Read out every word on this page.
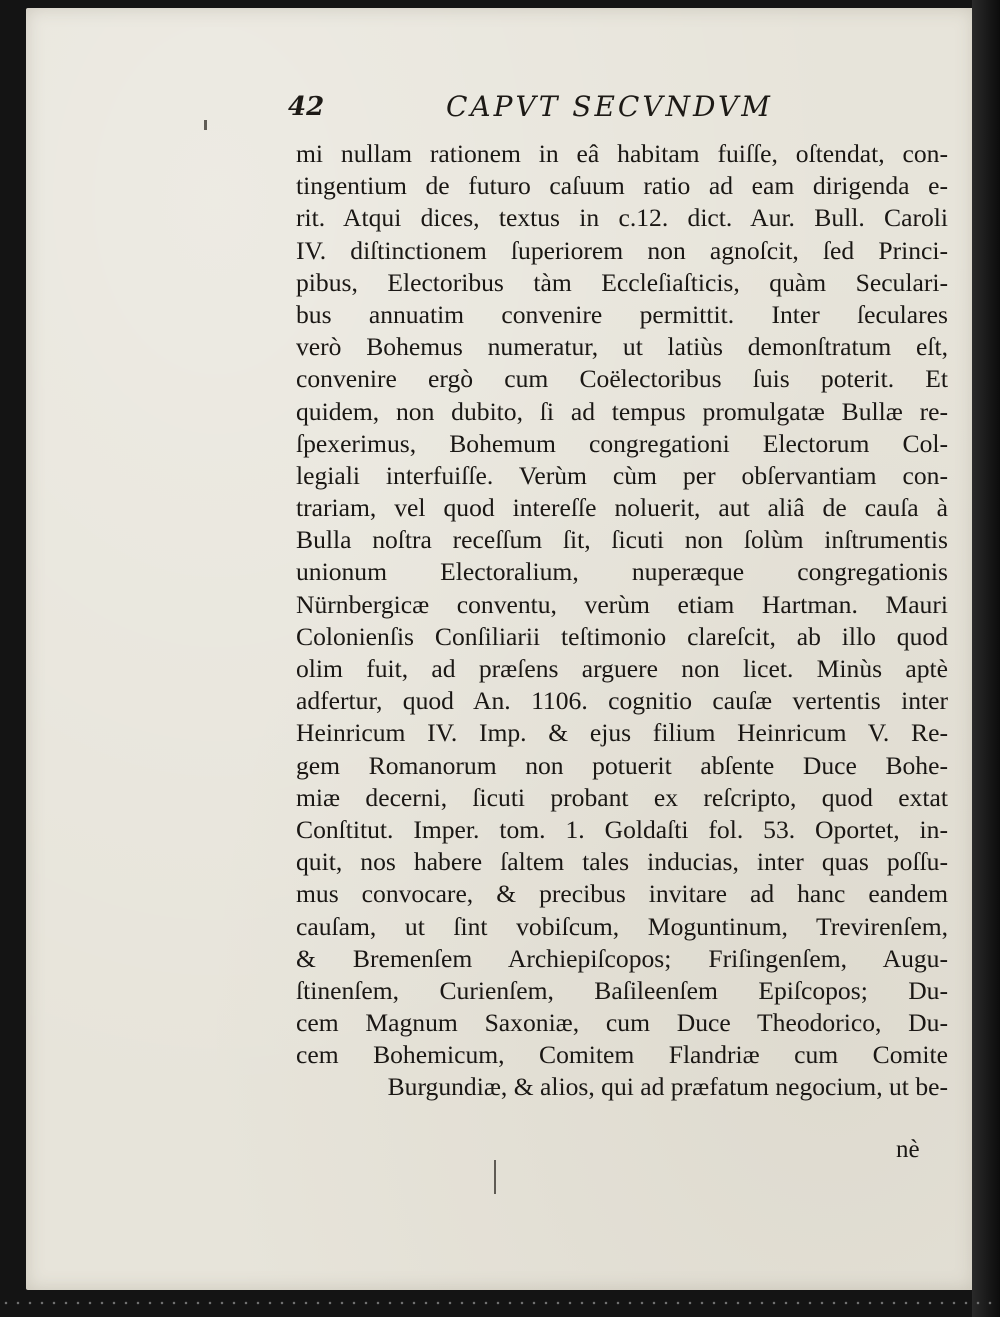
42	CAPVT SECVNDVM
mi nullam rationem in eâ habitam fuiſſe, oſtendat, con-
tingentium de futuro caſuum ratio ad eam dirigenda e-
rit. Atqui dices, textus in c.12. dict. Aur. Bull. Caroli
IV. diſtinctionem ſuperiorem non agnoſcit, ſed Princi-
pibus, Electoribus tàm Eccleſiaſticis, quàm Seculari-
bus annuatim convenire permittit. Inter ſeculares
verò Bohemus numeratur, ut latiùs demonſtratum eſt,
convenire ergò cum Coëlectoribus ſuis poterit. Et
quidem, non dubito, ſi ad tempus promulgatæ Bullæ re-
ſpexerimus, Bohemum congregationi Electorum Col-
legiali interfuiſſe. Verùm cùm per obſervantiam con-
trariam, vel quod intereſſe noluerit, aut aliâ de cauſa à
Bulla noſtra receſſum ſit, ſicuti non ſolùm inſtrumentis
unionum Electoralium, nuperæque congregationis
Nürnbergicæ conventu, verùm etiam Hartman. Mauri
Colonienſis Conſiliarii teſtimonio clareſcit, ab illo quod
olim fuit, ad præſens arguere non licet. Minùs aptè
adfertur, quod An. 1106. cognitio cauſæ vertentis inter
Heinricum IV. Imp. & ejus filium Heinricum V. Re-
gem Romanorum non potuerit abſente Duce Bohe-
miæ decerni, ſicuti probant ex reſcripto, quod extat
Conſtitut. Imper. tom. 1. Goldaſti fol. 53. Oportet, in-
quit, nos habere ſaltem tales inducias, inter quas poſſu-
mus convocare, & precibus invitare ad hanc eandem
cauſam, ut ſint vobiſcum, Moguntinum, Trevirenſem,
& Bremenſem Archiepiſcopos; Friſingenſem, Augu-
ſtinenſem, Curienſem, Baſileenſem Epiſcopos; Du-
cem Magnum Saxoniæ, cum Duce Theodorico, Du-
cem Bohemicum, Comitem Flandriæ cum Comite
Burgundiæ, & alios, qui ad præfatum negocium, ut be-
nè
